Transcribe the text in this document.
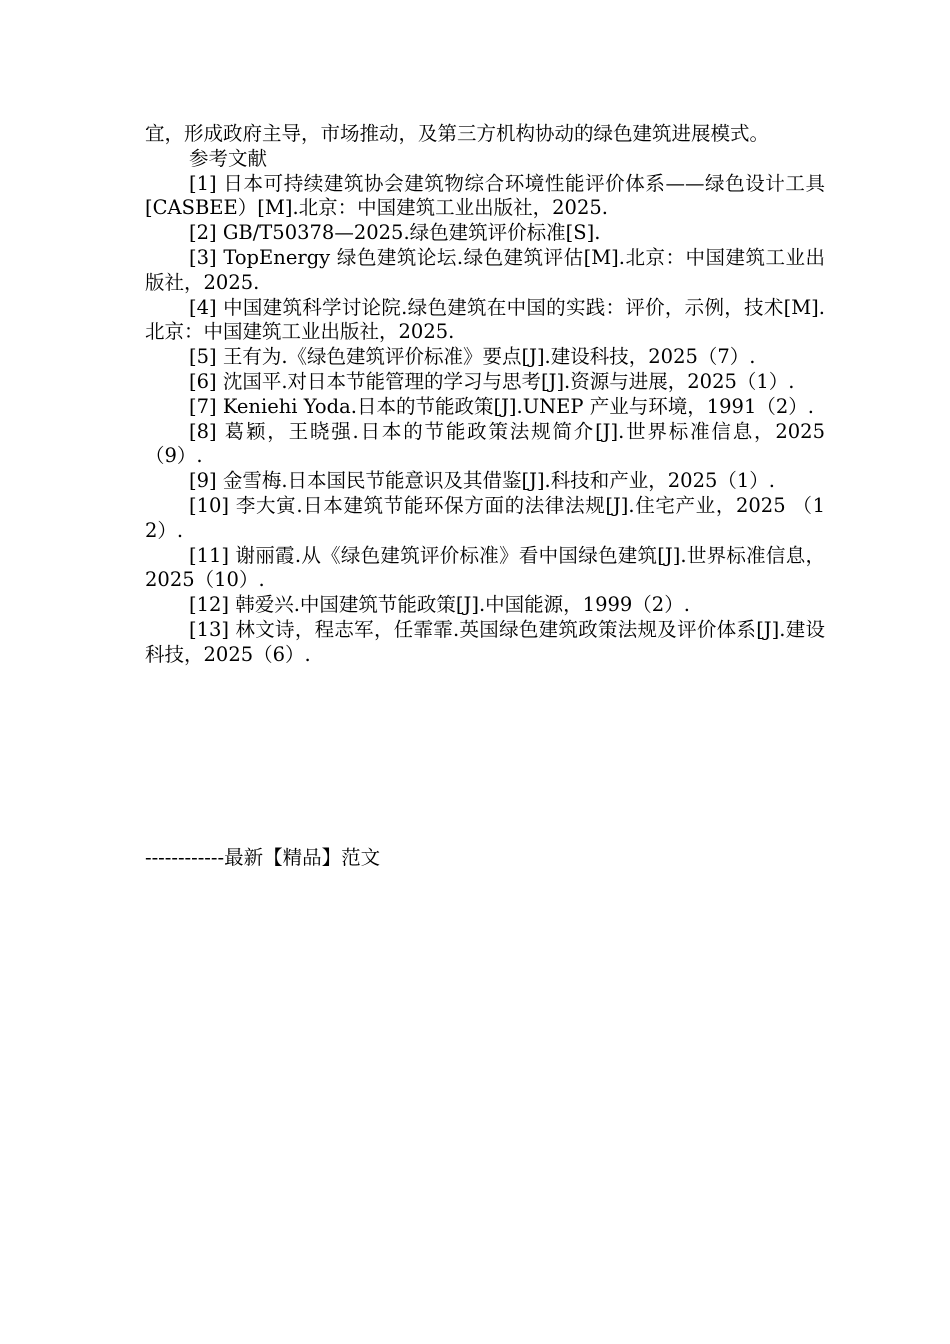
宜，形成政府主导，市场推动，及第三方机构协动的绿色建筑进展模式。

参考文献

[1] 日本可持续建筑协会建筑物综合环境性能评价体系——绿色设计工具[CASBEE）[M].北京：中国建筑工业出版社，2025.

[2] GB/T50378—2025.绿色建筑评价标准[S].

[3] TopEnergy 绿色建筑论坛.绿色建筑评估[M].北京：中国建筑工业出版社，2025.

[4] 中国建筑科学讨论院.绿色建筑在中国的实践：评价，示例，技术[M].北京：中国建筑工业出版社，2025.

[5] 王有为.《绿色建筑评价标准》要点[J].建设科技，2025（7）.

[6] 沈国平.对日本节能管理的学习与思考[J].资源与进展，2025（1）.

[7] Keniehi Yoda.日本的节能政策[J].UNEP 产业与环境，1991（2）.

[8] 葛颖，王晓强.日本的节能政策法规简介[J].世界标准信息，2025（9）.

[9] 金雪梅.日本国民节能意识及其借鉴[J].科技和产业，2025（1）.

[10] 李大寅.日本建筑节能环保方面的法律法规[J].住宅产业，2025 （12）.

[11] 谢丽霞.从《绿色建筑评价标准》看中国绿色建筑[J].世界标准信息，2025（10）.

[12] 韩爱兴.中国建筑节能政策[J].中国能源，1999（2）.

[13] 林文诗，程志军，任霏霏.英国绿色建筑政策法规及评价体系[J].建设科技，2025（6）.

------------最新【精品】范文
